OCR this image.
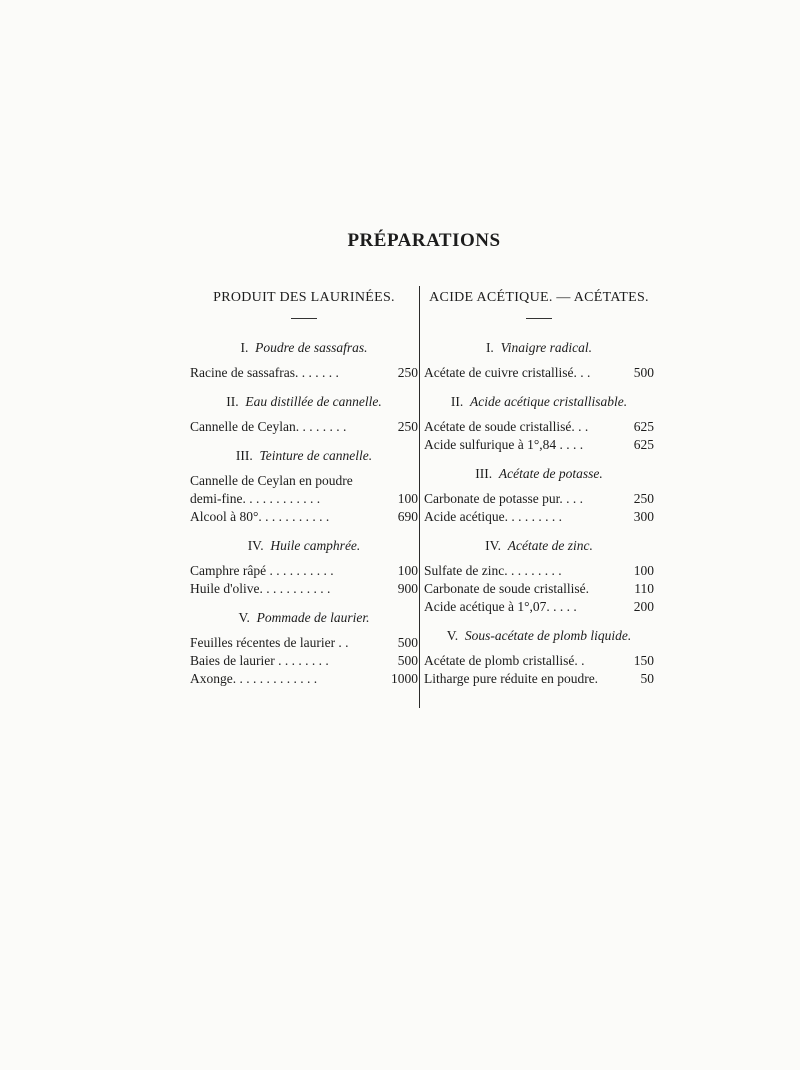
PRÉPARATIONS
PRODUIT DES LAURINÉES.
I. Poudre de sassafras.
Racine de sassafras. . . . . . .	250
II. Eau distillée de cannelle.
Cannelle de Ceylan. . . . . . . .	250
III. Teinture de cannelle.
Cannelle de Ceylan en poudre
demi-fine. . . . . . . . . . . .	100
Alcool à 80°. . . . . . . . . . .	690
IV. Huile camphrée.
Camphre râpé . . . . . . . . . .	100
Huile d'olive. . . . . . . . . . .	900
V. Pommade de laurier.
Feuilles récentes de laurier . .	500
Baies de laurier . . . . . . . .	500
Axonge. . . . . . . . . . . . .	1000
ACIDE ACÉTIQUE. — ACÉTATES.
I. Vinaigre radical.
Acétate de cuivre cristallisé. . .	500
II. Acide acétique cristallisable.
Acétate de soude cristallisé. . .	625
Acide sulfurique à 1°,84 . . . .	625
III. Acétate de potasse.
Carbonate de potasse pur. . . .	250
Acide acétique. . . . . . . . .	300
IV. Acétate de zinc.
Sulfate de zinc. . . . . . . . .	100
Carbonate de soude cristallisé.	110
Acide acétique à 1°,07. . . . .	200
V. Sous-acétate de plomb liquide.
Acétate de plomb cristallisé. .	150
Litharge pure réduite en poudre.	50
